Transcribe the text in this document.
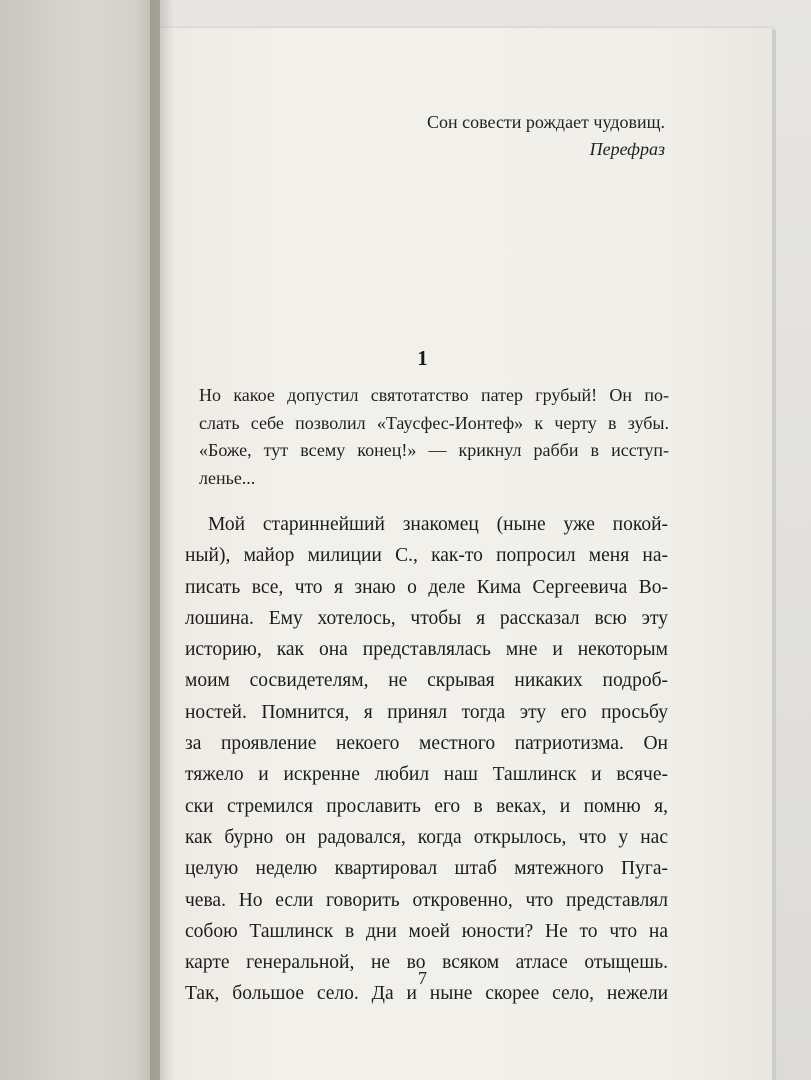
Сон совести рождает чудовищ.
Перефраз
1
Но какое допустил святотатство патер грубый! Он по-
слать себе позволил «Таусфес-Ионтеф» к черту в зубы.
«Боже, тут всему конец!» — крикнул рабби в исступ-
ленье...
Мой стариннейший знакомец (ныне уже покой-
ный), майор милиции С., как-то попросил меня на-
писать все, что я знаю о деле Кима Сергеевича Во-
лошина. Ему хотелось, чтобы я рассказал всю эту
историю, как она представлялась мне и некоторым
моим сосвидетелям, не скрывая никаких подроб-
ностей. Помнится, я принял тогда эту его просьбу
за проявление некоего местного патриотизма. Он
тяжело и искренне любил наш Ташлинск и всяче-
ски стремился прославить его в веках, и помню я,
как бурно он радовался, когда открылось, что у нас
целую неделю квартировал штаб мятежного Пуга-
чева. Но если говорить откровенно, что представлял
собою Ташлинск в дни моей юности? Не то что на
карте генеральной, не во всяком атласе отыщешь.
Так, большое село. Да и ныне скорее село, нежели
7
